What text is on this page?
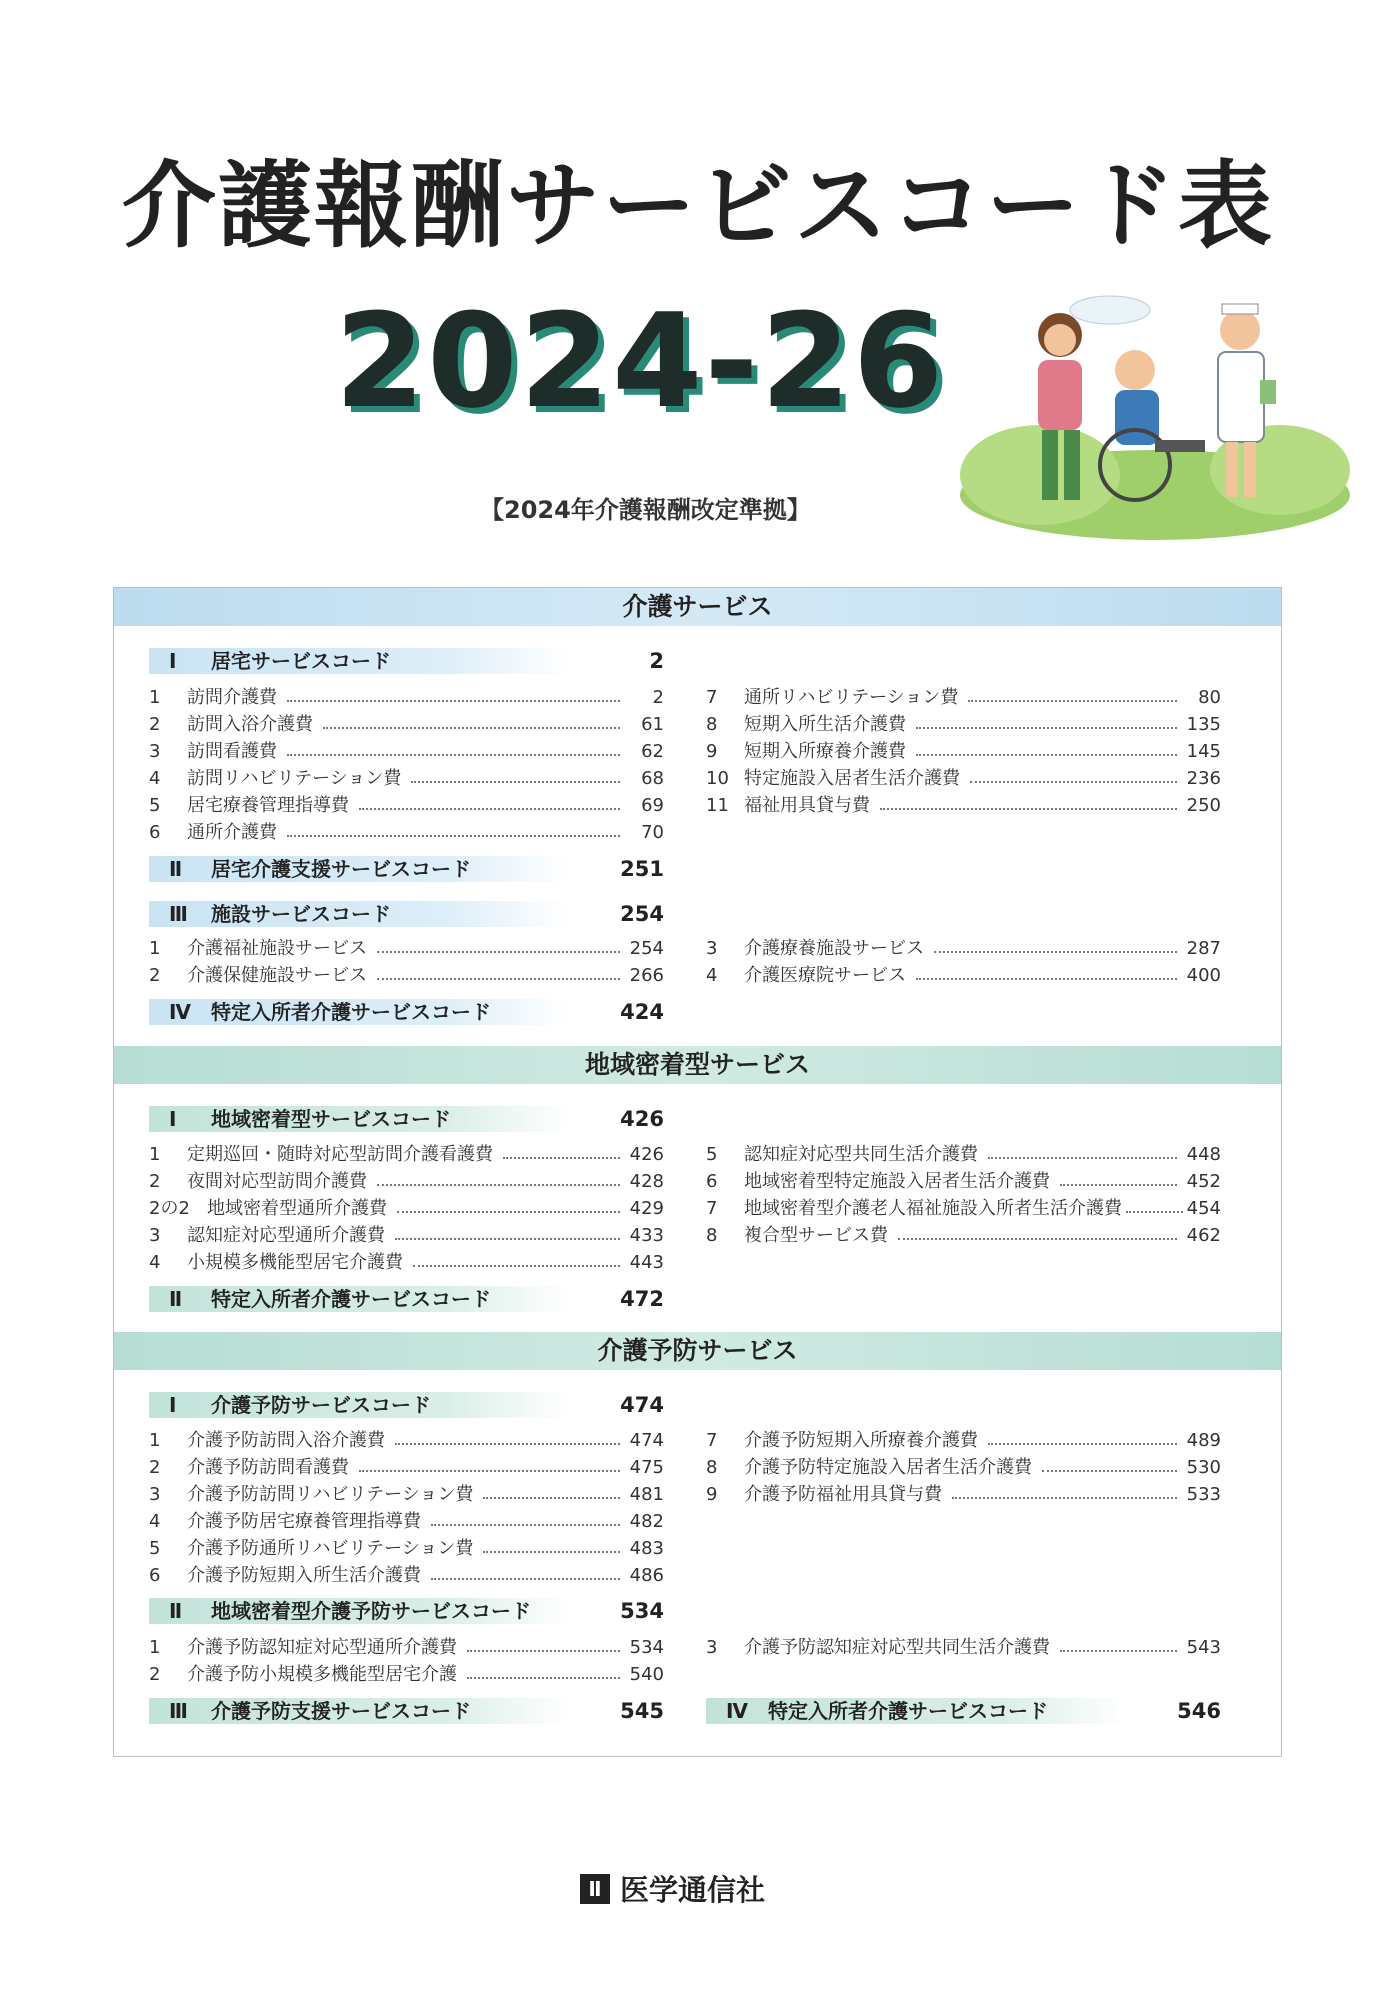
介護報酬サービスコード表
2024-26
【2024年介護報酬改定準拠】
介護サービス
Ⅰ 居宅サービスコード	2
1	訪問介護費	2
2	訪問入浴介護費	61
3	訪問看護費	62
4	訪問リハビリテーション費	68
5	居宅療養管理指導費	69
6	通所介護費	70
7	通所リハビリテーション費	80
8	短期入所生活介護費	135
9	短期入所療養介護費	145
10 特定施設入居者生活介護費	236
11 福祉用具貸与費	250
Ⅱ 居宅介護支援サービスコード	251
Ⅲ 施設サービスコード	254
1	介護福祉施設サービス	254
2	介護保健施設サービス	266
3	介護療養施設サービス	287
4	介護医療院サービス	400
Ⅳ 特定入所者介護サービスコード	424
地域密着型サービス
Ⅰ 地域密着型サービスコード	426
1	定期巡回・随時対応型訪問介護看護費	426
2	夜間対応型訪問介護費	428
2の2 地域密着型通所介護費	429
3	認知症対応型通所介護費	433
4	小規模多機能型居宅介護費	443
5	認知症対応型共同生活介護費	448
6	地域密着型特定施設入居者生活介護費	452
7	地域密着型介護老人福祉施設入所者生活介護費	454
8	複合型サービス費	462
Ⅱ 特定入所者介護サービスコード	472
介護予防サービス
Ⅰ 介護予防サービスコード	474
1	介護予防訪問入浴介護費	474
2	介護予防訪問看護費	475
3	介護予防訪問リハビリテーション費	481
4	介護予防居宅療養管理指導費	482
5	介護予防通所リハビリテーション費	483
6	介護予防短期入所生活介護費	486
7	介護予防短期入所療養介護費	489
8	介護予防特定施設入居者生活介護費	530
9	介護予防福祉用具貸与費	533
Ⅱ 地域密着型介護予防サービスコード	534
1	介護予防認知症対応型通所介護費	534
2	介護予防小規模多機能型居宅介護	540
3	介護予防認知症対応型共同生活介護費	543
Ⅲ 介護予防支援サービスコード	545	Ⅳ 特定入所者介護サービスコード	546
Ⅱ 医学通信社
